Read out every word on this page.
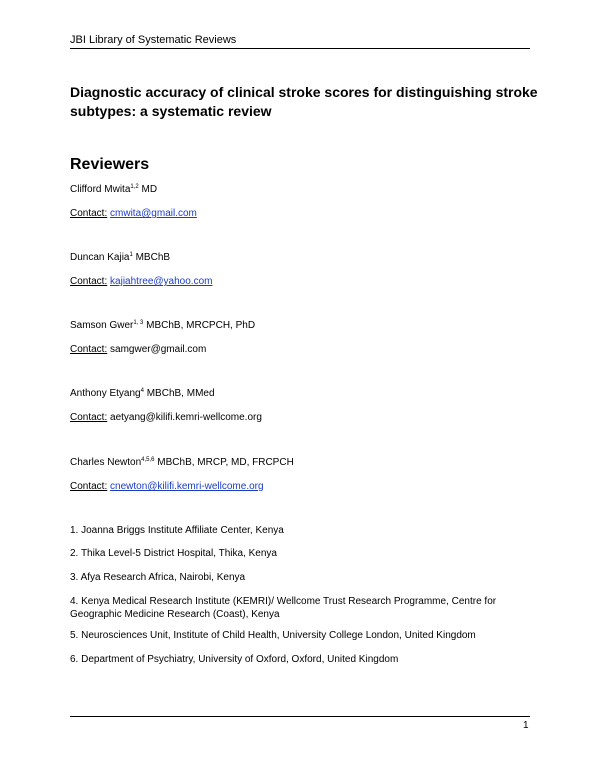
JBI Library of Systematic Reviews
Diagnostic accuracy of clinical stroke scores for distinguishing stroke subtypes: a systematic review
Reviewers
Clifford Mwita$^{1,2}$ MD
Contact: cmwita@gmail.com
Duncan Kajia$^1$ MBChB
Contact: kajiahtree@yahoo.com
Samson Gwer$^{1, 3}$ MBChB, MRCPCH, PhD
Contact: samgwer@gmail.com
Anthony Etyang$^4$ MBChB, MMed
Contact: aetyang@kilifi.kemri-wellcome.org
Charles Newton$^{4,5,6}$ MBChB, MRCP, MD, FRCPCH
Contact: cnewton@kilifi.kemri-wellcome.org
1. Joanna Briggs Institute Affiliate Center, Kenya
2. Thika Level-5 District Hospital, Thika, Kenya
3. Afya Research Africa, Nairobi, Kenya
4. Kenya Medical Research Institute (KEMRI)/ Wellcome Trust Research Programme, Centre for Geographic Medicine Research (Coast), Kenya
5. Neurosciences Unit, Institute of Child Health, University College London, United Kingdom
6. Department of Psychiatry, University of Oxford, Oxford, United Kingdom
1
